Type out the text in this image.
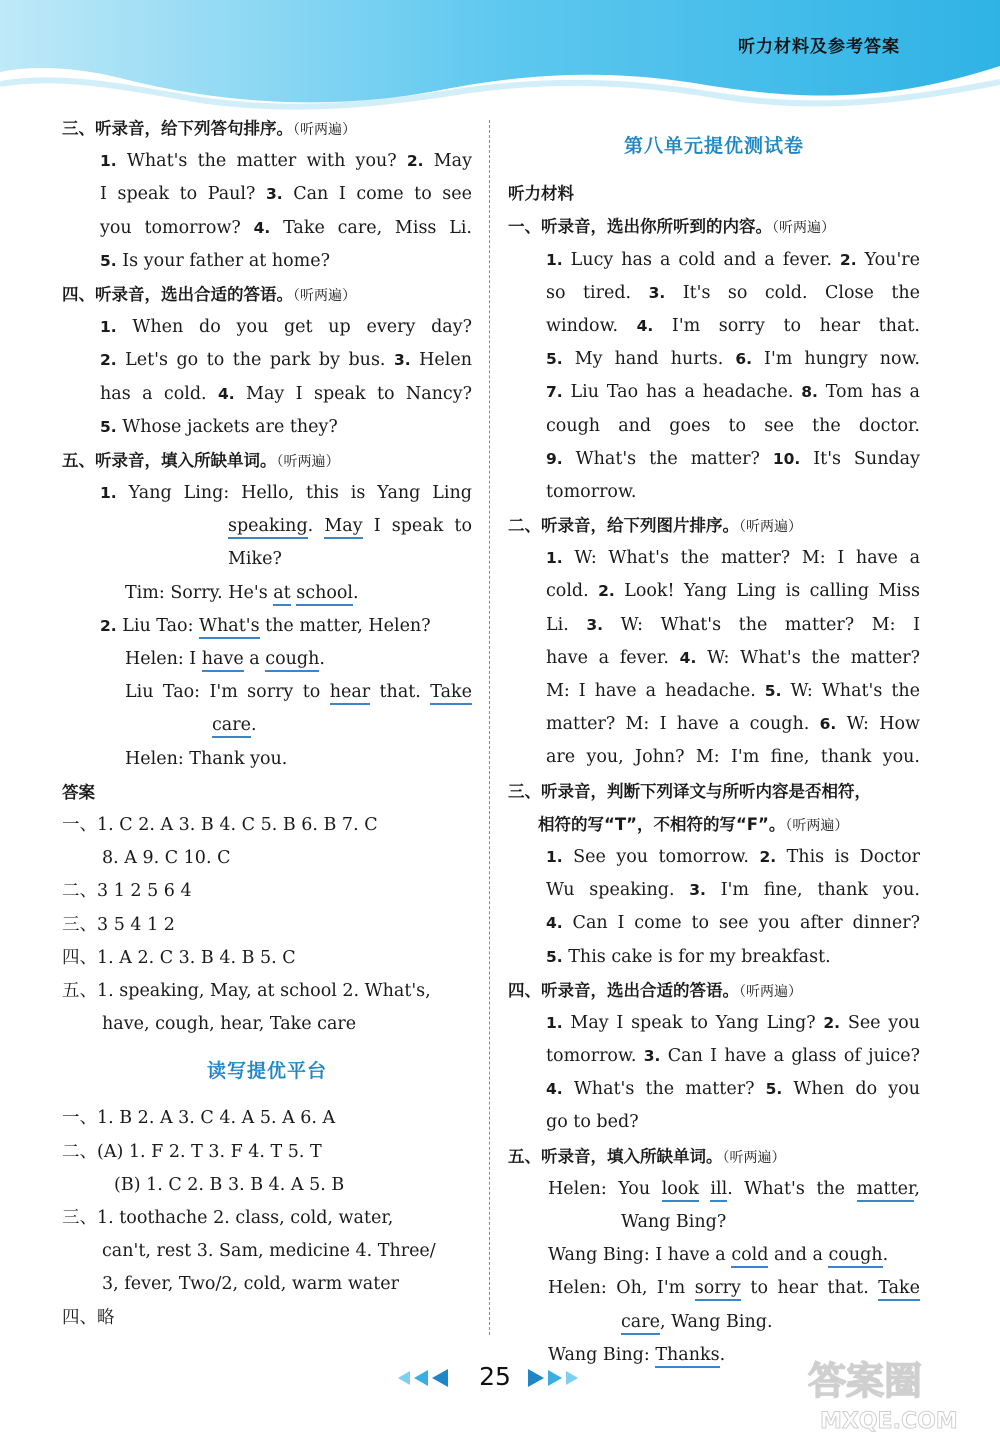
听力材料及参考答案
三、听录音，给下列答句排序。（听两遍）
1. What's the matter with you? 2. May
I speak to Paul? 3. Can I come to see
you tomorrow? 4. Take care, Miss Li.
5. Is your father at home?
四、听录音，选出合适的答语。（听两遍）
1. When do you get up every day?
2. Let's go to the park by bus. 3. Helen
has a cold. 4. May I speak to Nancy?
5. Whose jackets are they?
五、听录音，填入所缺单词。（听两遍）
1. Yang Ling: Hello, this is Yang Ling
speaking. May I speak to
Mike?
Tim: Sorry. He's at school.
2. Liu Tao: What's the matter, Helen?
Helen: I have a cough.
Liu Tao: I'm sorry to hear that. Take
care.
Helen: Thank you.
答案
一、1. C 2. A 3. B 4. C 5. B 6. B 7. C
8. A 9. C 10. C
二、3 1 2 5 6 4
三、3 5 4 1 2
四、1. A 2. C 3. B 4. B 5. C
五、1. speaking, May, at school 2. What's,
have, cough, hear, Take care
读写提优平台
一、1. B 2. A 3. C 4. A 5. A 6. A
二、(A) 1. F 2. T 3. F 4. T 5. T
(B) 1. C 2. B 3. B 4. A 5. B
三、1. toothache 2. class, cold, water,
can't, rest 3. Sam, medicine 4. Three/
3, fever, Two/2, cold, warm water
四、略
第八单元提优测试卷
听力材料
一、听录音，选出你所听到的内容。（听两遍）
1. Lucy has a cold and a fever. 2. You're
so tired. 3. It's so cold. Close the
window. 4. I'm sorry to hear that.
5. My hand hurts. 6. I'm hungry now.
7. Liu Tao has a headache. 8. Tom has a
cough and goes to see the doctor.
9. What's the matter? 10. It's Sunday
tomorrow.
二、听录音，给下列图片排序。（听两遍）
1. W: What's the matter? M: I have a
cold. 2. Look! Yang Ling is calling Miss
Li. 3. W: What's the matter? M: I
have a fever. 4. W: What's the matter?
M: I have a headache. 5. W: What's the
matter? M: I have a cough. 6. W: How
are you, John? M: I'm fine, thank you.
三、听录音，判断下列译文与所听内容是否相符，
相符的写“T”，不相符的写“F”。（听两遍）
1. See you tomorrow. 2. This is Doctor
Wu speaking. 3. I'm fine, thank you.
4. Can I come to see you after dinner?
5. This cake is for my breakfast.
四、听录音，选出合适的答语。（听两遍）
1. May I speak to Yang Ling? 2. See you
tomorrow. 3. Can I have a glass of juice?
4. What's the matter? 5. When do you
go to bed?
五、听录音，填入所缺单词。（听两遍）
Helen: You look ill. What's the matter,
Wang Bing?
Wang Bing: I have a cold and a cough.
Helen: Oh, I'm sorry to hear that. Take
care, Wang Bing.
Wang Bing: Thanks.
25	答案圈
MXQE.COM
